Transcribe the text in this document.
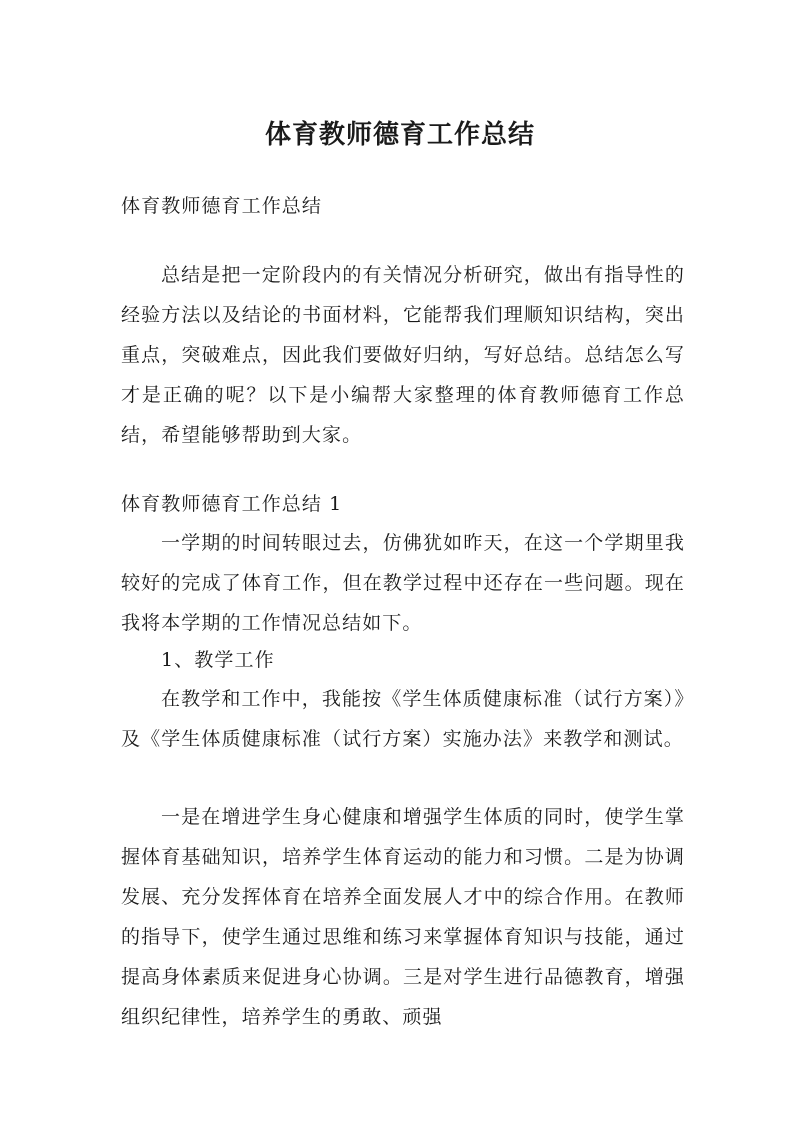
体育教师德育工作总结

体育教师德育工作总结

总结是把一定阶段内的有关情况分析研究，做出有指导性的经验方法以及结论的书面材料，它能帮我们理顺知识结构，突出重点，突破难点，因此我们要做好归纳，写好总结。总结怎么写才是正确的呢？以下是小编帮大家整理的体育教师德育工作总结，希望能够帮助到大家。

体育教师德育工作总结 1

一学期的时间转眼过去，仿佛犹如昨天，在这一个学期里我较好的完成了体育工作，但在教学过程中还存在一些问题。现在我将本学期的工作情况总结如下。

1、教学工作

在教学和工作中，我能按《学生体质健康标准（试行方案）》及《学生体质健康标准（试行方案）实施办法》来教学和测试。

一是在增进学生身心健康和增强学生体质的同时，使学生掌握体育基础知识，培养学生体育运动的能力和习惯。二是为协调发展、充分发挥体育在培养全面发展人才中的综合作用。在教师的指导下，使学生通过思维和练习来掌握体育知识与技能，通过提高身体素质来促进身心协调。三是对学生进行品德教育，增强组织纪律性，培养学生的勇敢、顽强
